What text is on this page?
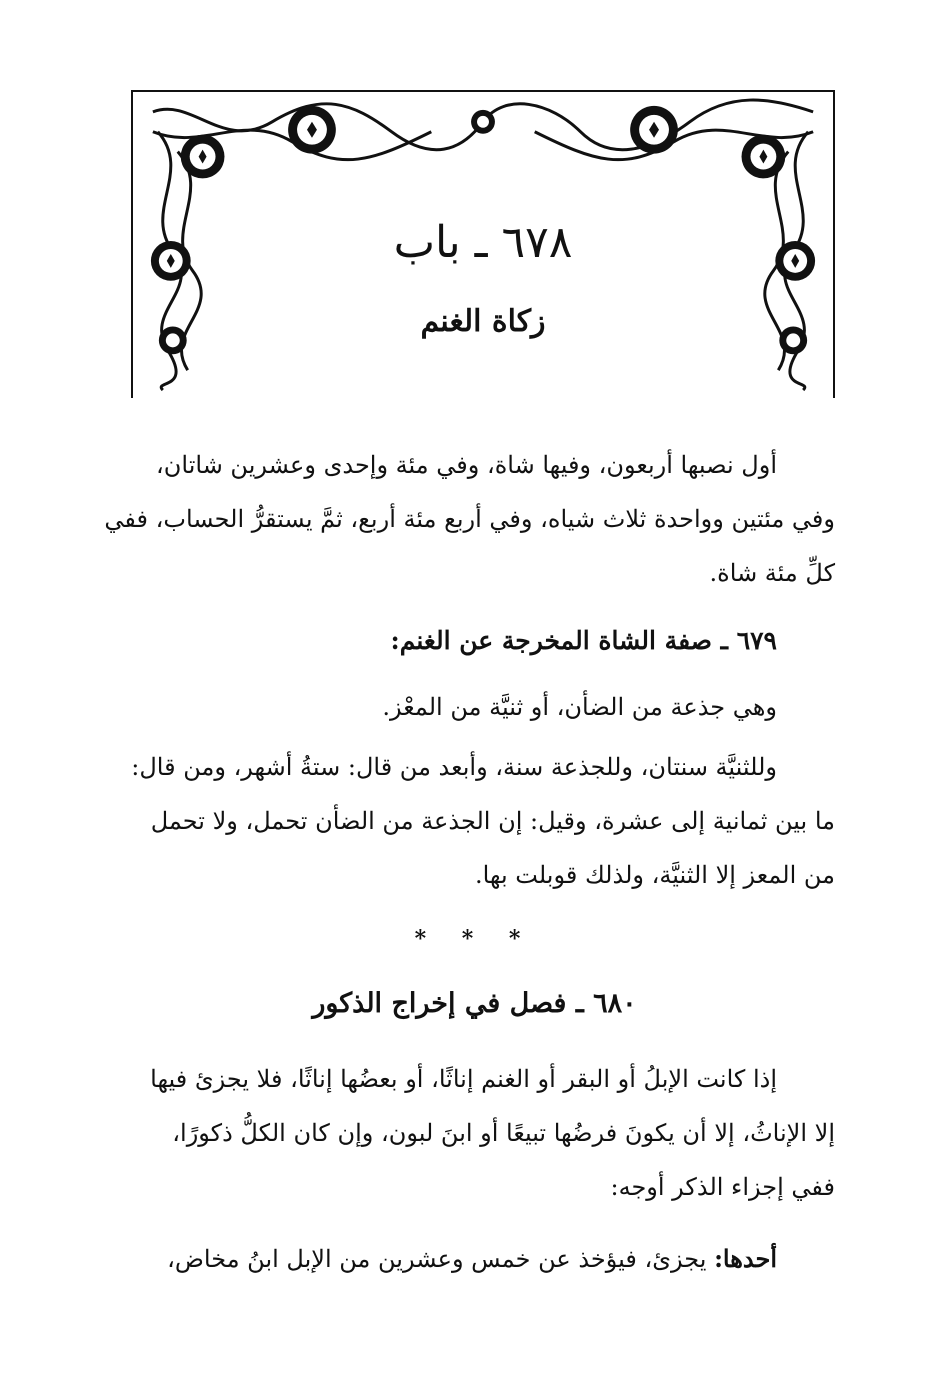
٦٧٨ ـ باب
زكاة الغنم
أول نصبها أربعون، وفيها شاة، وفي مئة وإحدى وعشرين شاتان،
وفي مئتين وواحدة ثلاث شياه، وفي أربع مئة أربع، ثمَّ يستقرُّ الحساب، ففي
كلِّ مئة شاة.
٦٧٩ ـ صفة الشاة المخرجة عن الغنم:
وهي جذعة من الضأن، أو ثنيَّة من المعْز.
وللثنيَّة سنتان، وللجذعة سنة، وأبعد من قال: ستةُ أشهر، ومن قال:
ما بين ثمانية إلى عشرة، وقيل: إن الجذعة من الضأن تحمل، ولا تحمل
من المعز إلا الثنيَّة، ولذلك قوبلت بها.
* * *
٦٨٠ ـ فصل في إخراج الذكور
إذا كانت الإبلُ أو البقر أو الغنم إناثًا، أو بعضُها إناثًا، فلا يجزئ فيها
إلا الإناثُ، إلا أن يكونَ فرضُها تبيعًا أو ابنَ لبون، وإن كان الكلُّ ذكورًا،
ففي إجزاء الذكر أوجه:
أحدها: يجزئ، فيؤخذ عن خمس وعشرين من الإبل ابنُ مخاض،
